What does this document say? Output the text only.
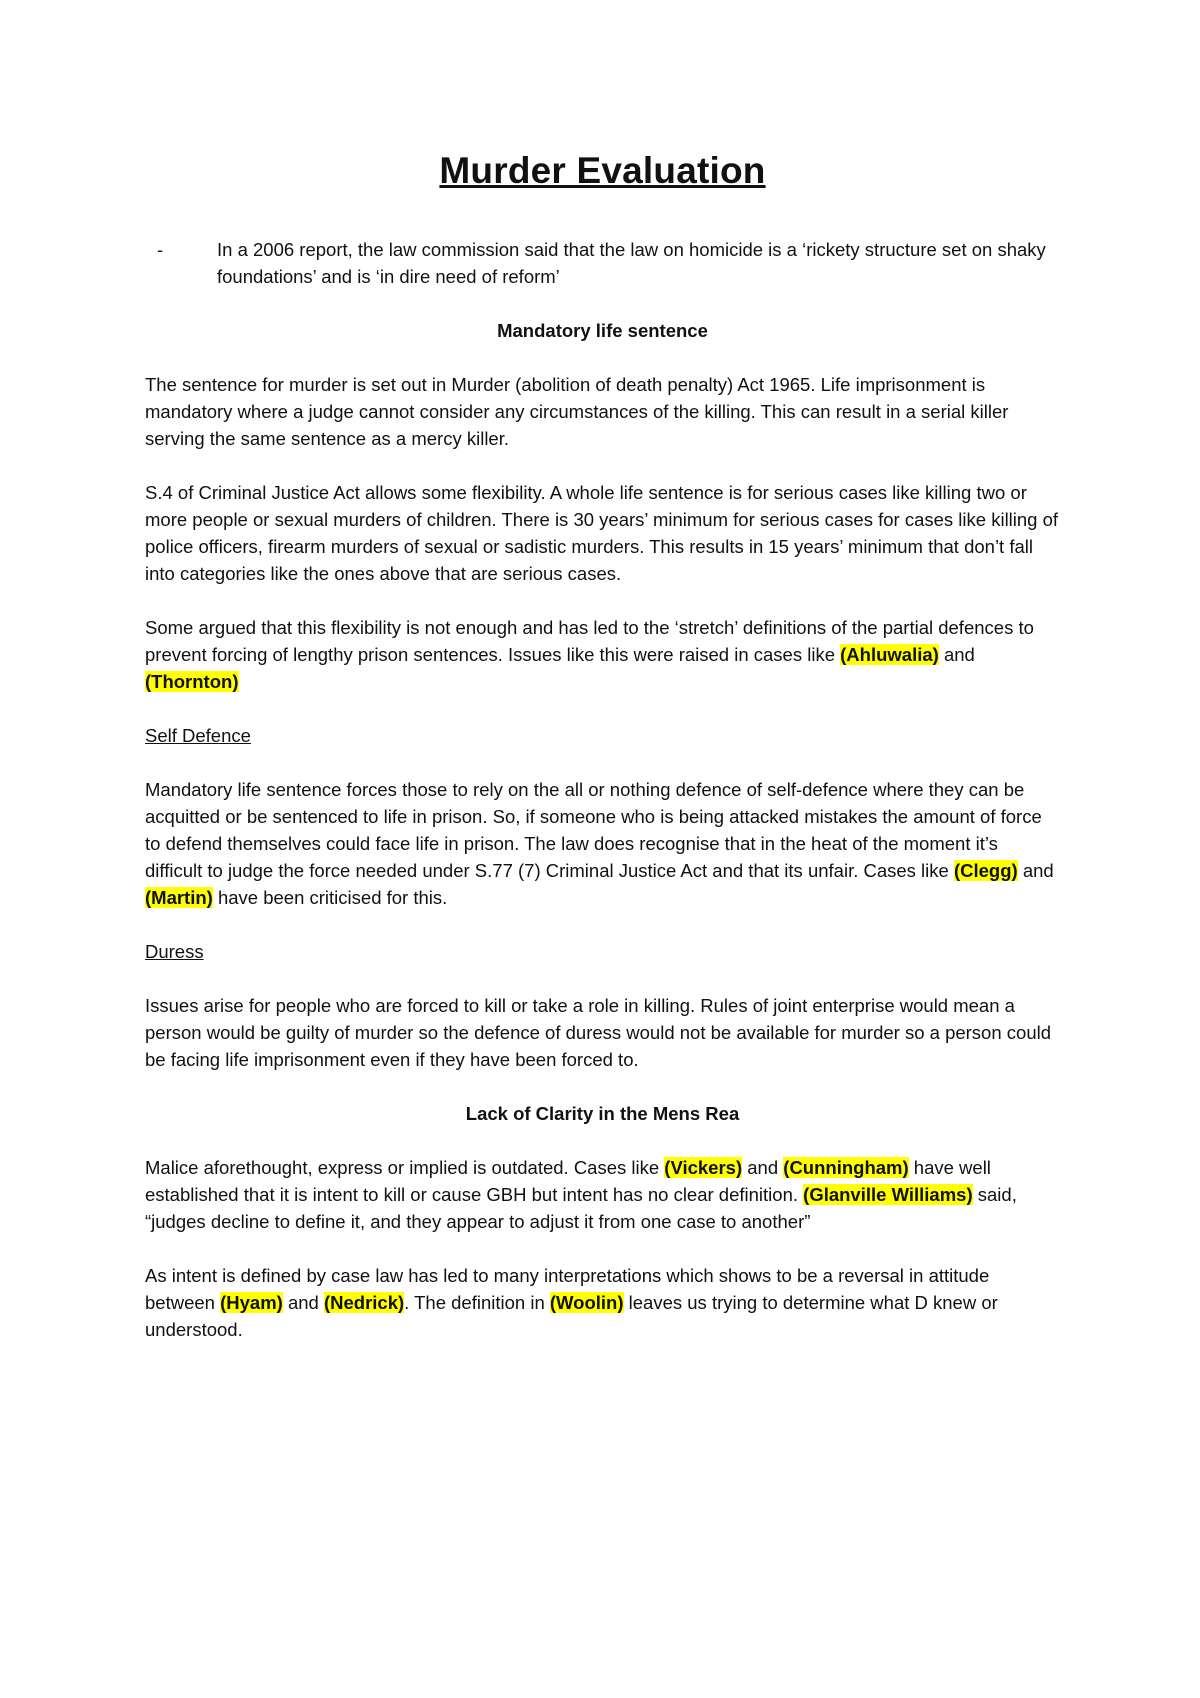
Murder Evaluation
-	In a 2006 report, the law commission said that the law on homicide is a ‘rickety structure set on shaky foundations’ and is ‘in dire need of reform’
Mandatory life sentence

The sentence for murder is set out in Murder (abolition of death penalty) Act 1965. Life imprisonment is mandatory where a judge cannot consider any circumstances of the killing. This can result in a serial killer serving the same sentence as a mercy killer.

S.4 of Criminal Justice Act allows some flexibility. A whole life sentence is for serious cases like killing two or more people or sexual murders of children. There is 30 years’ minimum for serious cases for cases like killing of police officers, firearm murders of sexual or sadistic murders. This results in 15 years’ minimum that don’t fall into categories like the ones above that are serious cases.

Some argued that this flexibility is not enough and has led to the ‘stretch’ definitions of the partial defences to prevent forcing of lengthy prison sentences. Issues like this were raised in cases like (Ahluwalia) and (Thornton)

Self Defence

Mandatory life sentence forces those to rely on the all or nothing defence of self-defence where they can be acquitted or be sentenced to life in prison. So, if someone who is being attacked mistakes the amount of force to defend themselves could face life in prison. The law does recognise that in the heat of the moment it’s difficult to judge the force needed under S.77 (7) Criminal Justice Act and that its unfair. Cases like (Clegg) and (Martin) have been criticised for this.

Duress

Issues arise for people who are forced to kill or take a role in killing. Rules of joint enterprise would mean a person would be guilty of murder so the defence of duress would not be available for murder so a person could be facing life imprisonment even if they have been forced to.

Lack of Clarity in the Mens Rea

Malice aforethought, express or implied is outdated. Cases like (Vickers) and (Cunningham) have well established that it is intent to kill or cause GBH but intent has no clear definition. (Glanville Williams) said, “judges decline to define it, and they appear to adjust it from one case to another”

As intent is defined by case law has led to many interpretations which shows to be a reversal in attitude between (Hyam) and (Nedrick). The definition in (Woolin) leaves us trying to determine what D knew or understood.
